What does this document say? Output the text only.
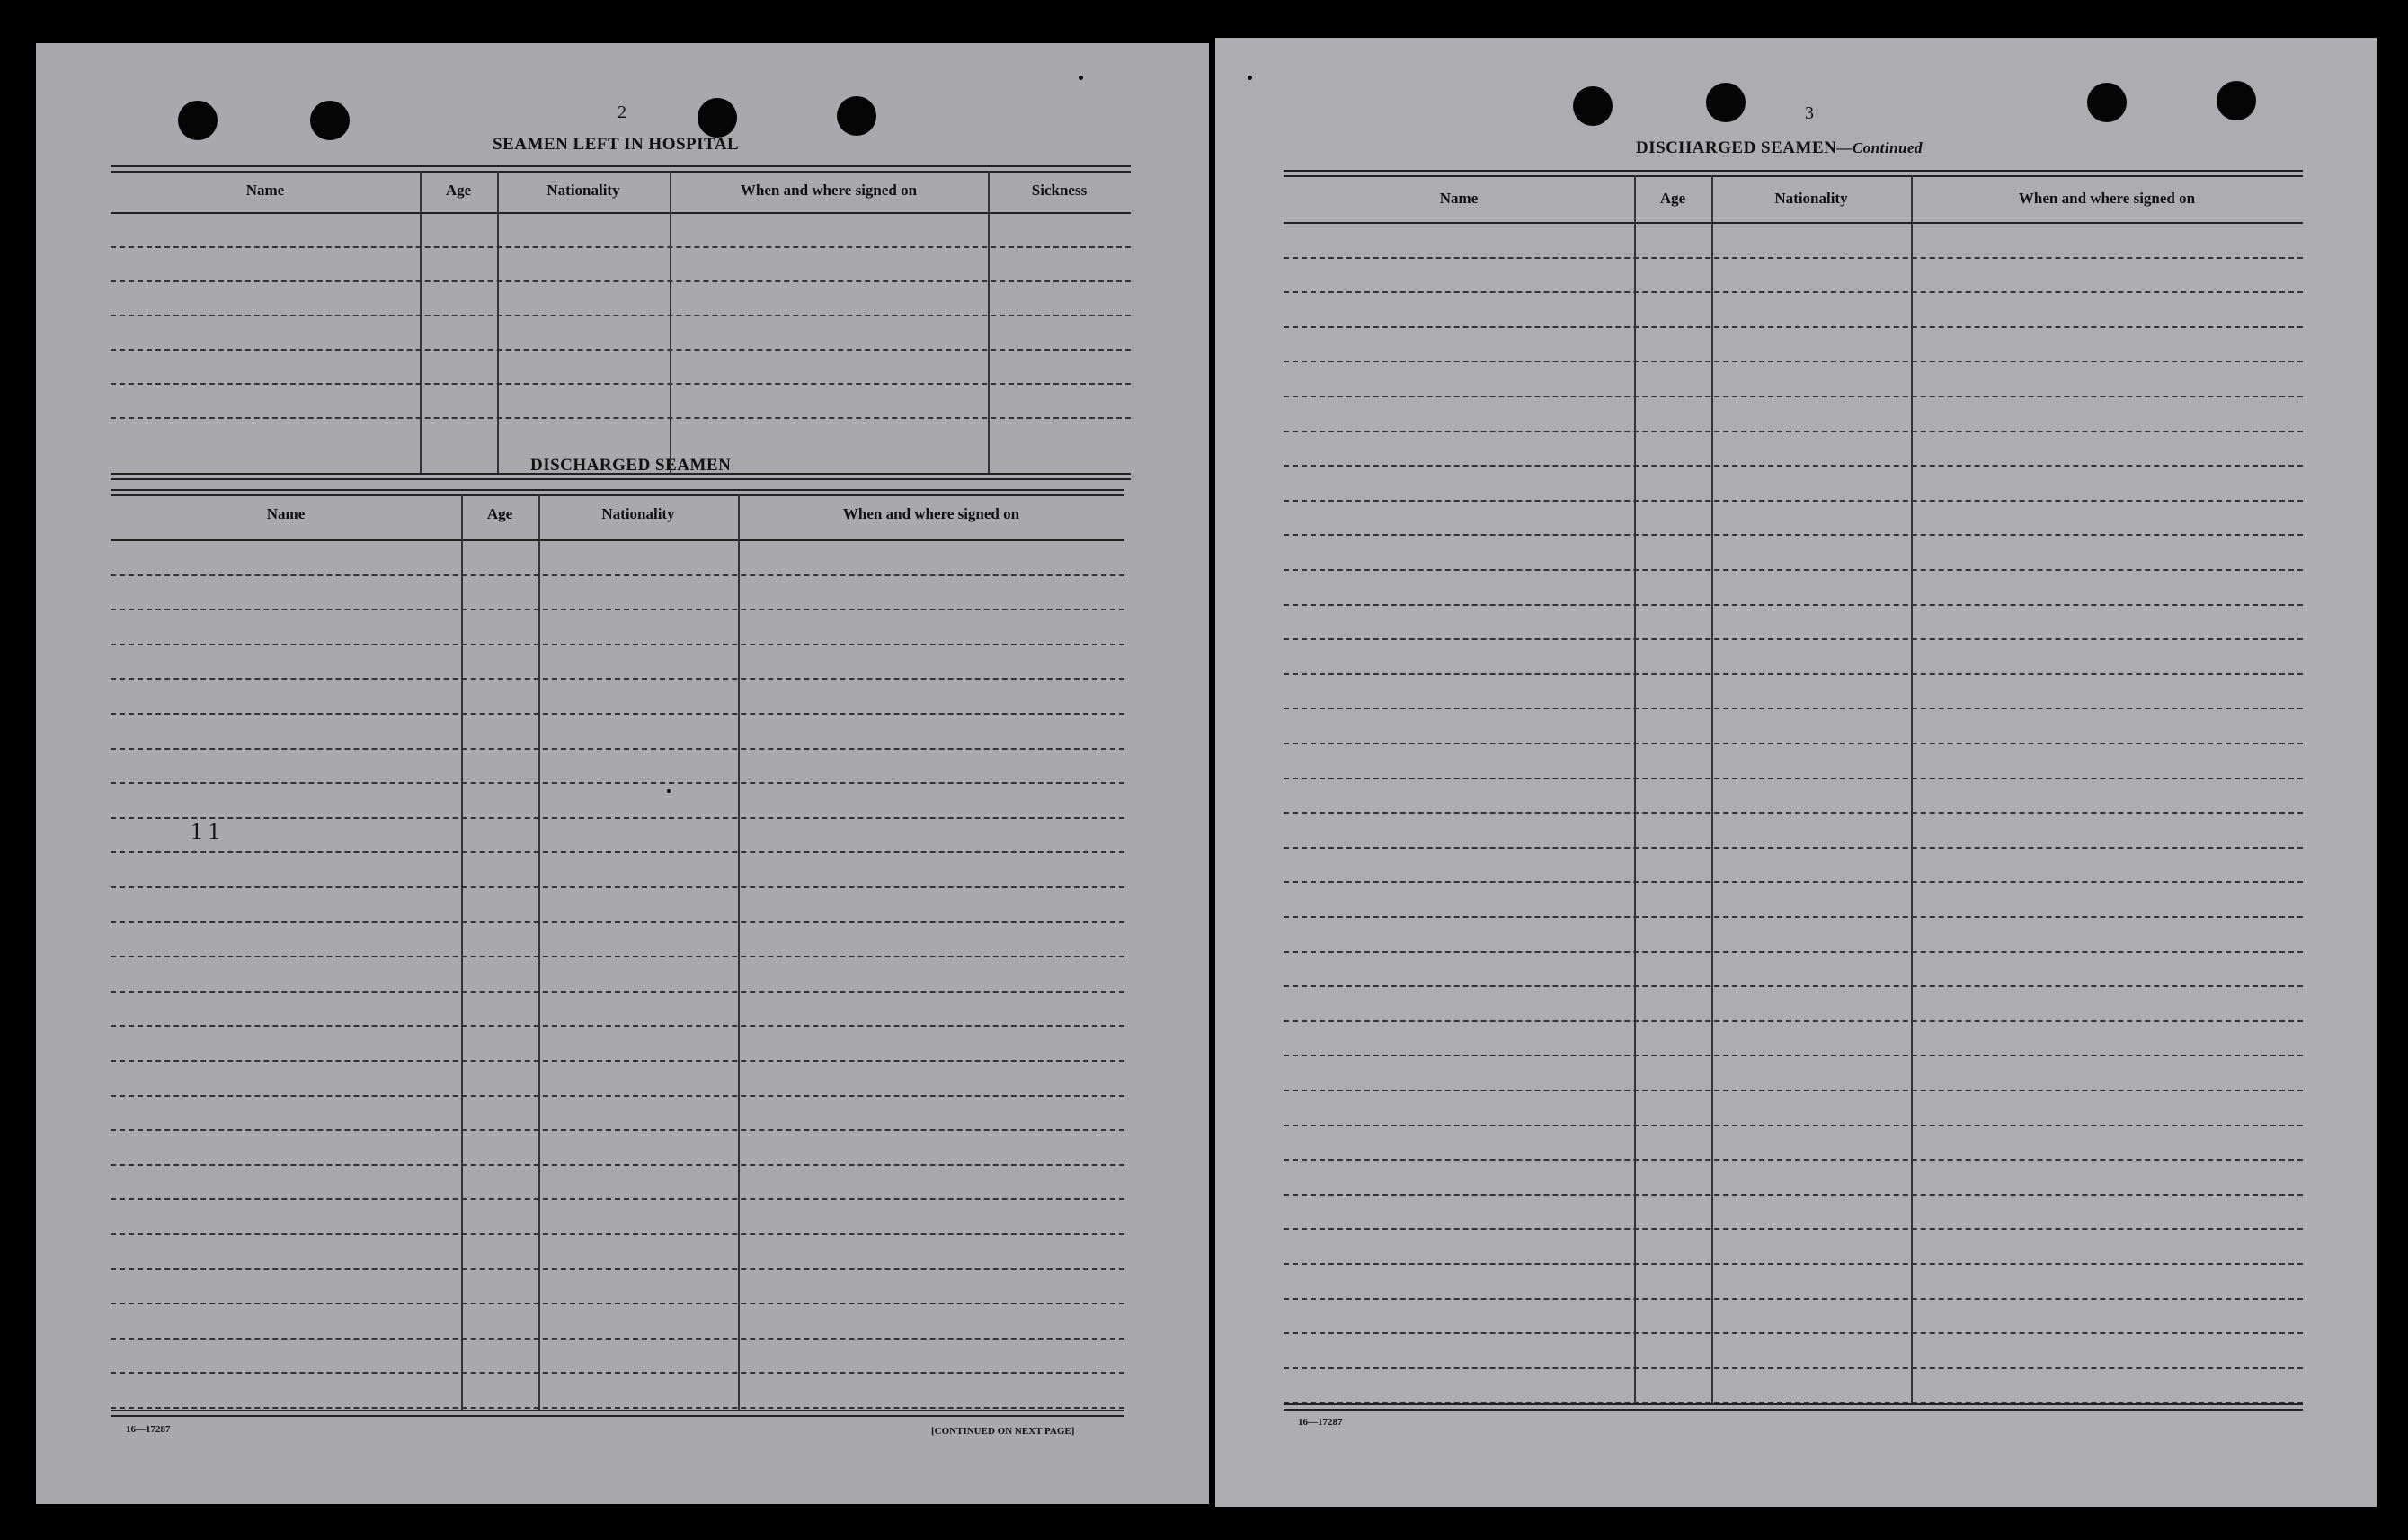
2
SEAMEN LEFT IN HOSPITAL
Name	Age	Nationality	When and where signed on	Sickness
DISCHARGED SEAMEN
Name	Age	Nationality	When and where signed on
1 1
16—17287	[CONTINUED ON NEXT PAGE]
3
DISCHARGED SEAMEN—Continued
Name	Age	Nationality	When and where signed on
16—17287
